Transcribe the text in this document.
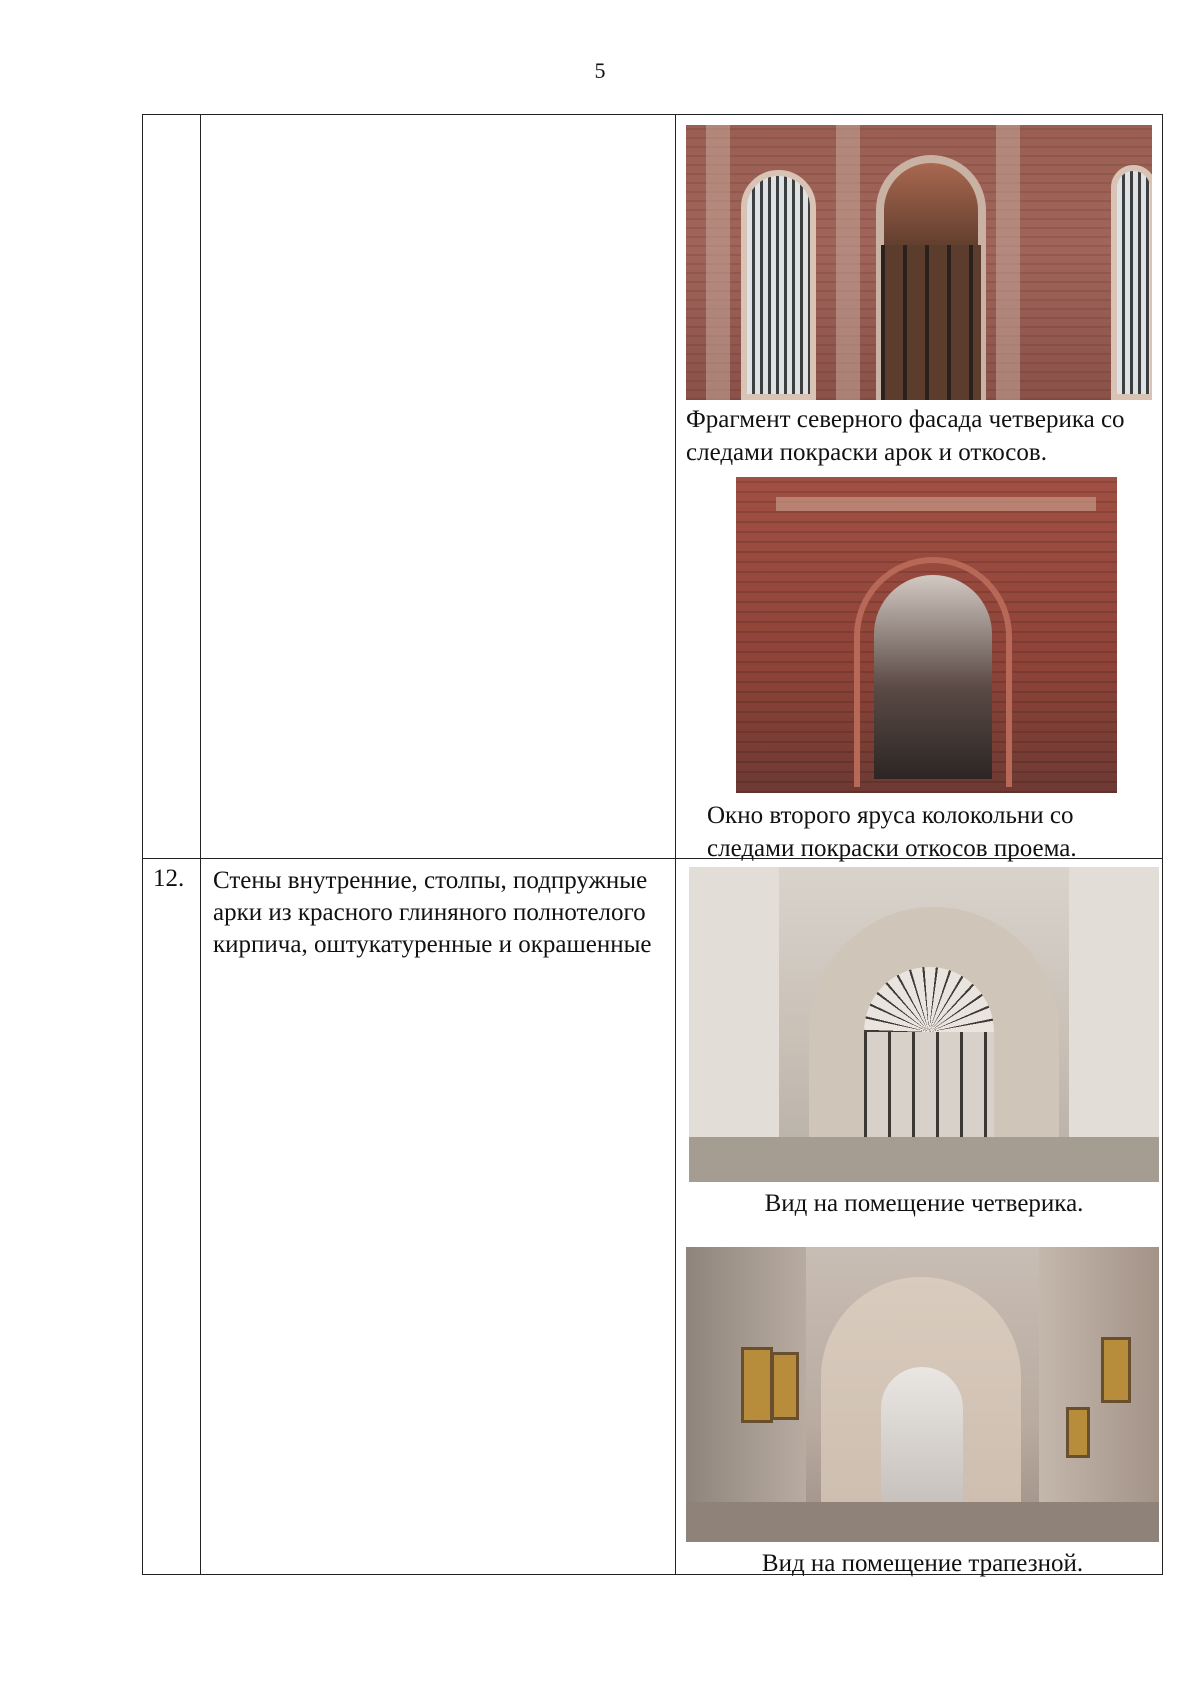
5

		Фрагмент северного фасада четверика со следами покраски арок и откосов.
Окно второго яруса колокольни со следами покраски откосов проема.

12.	Стены внутренние, столпы, подпружные арки из красного глиняного полнотелого кирпича, оштукатуренные и окрашенные	Вид на помещение четверика.
Вид на помещение трапезной.
